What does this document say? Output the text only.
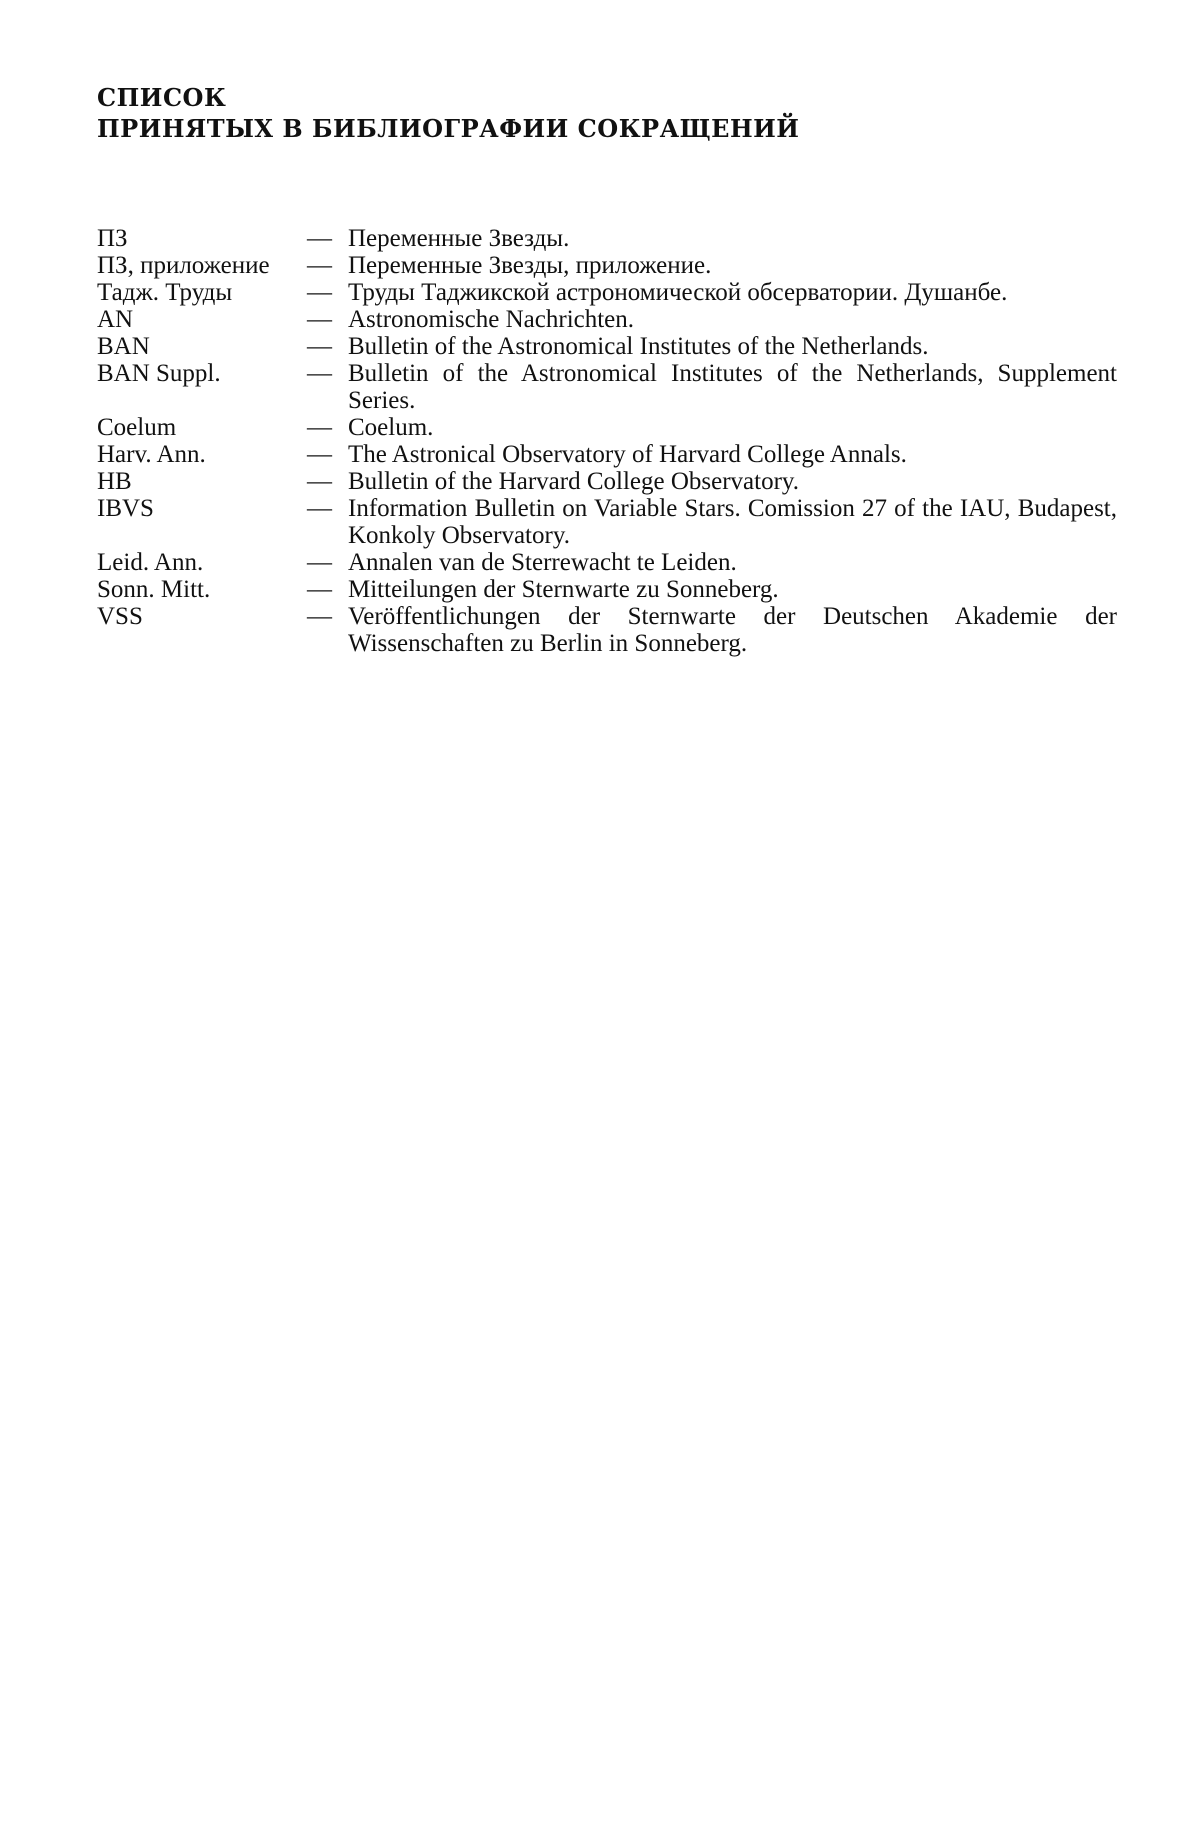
СПИСОК
ПРИНЯТЫХ В БИБЛИОГРАФИИ СОКРАЩЕНИЙ
ПЗ	— Переменные Звезды.
ПЗ, приложение	— Переменные Звезды, приложение.
Тадж. Труды	— Труды Таджикской астрономической обсерватории. Душанбе.
AN	— Astronomische Nachrichten.
BAN	— Bulletin of the Astronomical Institutes of the Netherlands.
BAN Suppl.	— Bulletin of the Astronomical Institutes of the Netherlands, Supplement Series.
Coelum	— Coelum.
Harv. Ann.	— The Astronical Observatory of Harvard College Annals.
HB	— Bulletin of the Harvard College Observatory.
IBVS	— Information Bulletin on Variable Stars. Comission 27 of the IAU, Budapest, Konkoly Observatory.
Leid. Ann.	— Annalen van de Sterrewacht te Leiden.
Sonn. Mitt.	— Mitteilungen der Sternwarte zu Sonneberg.
VSS	— Veröffentlichungen der Sternwarte der Deutschen Akademie der Wissenschaften zu Berlin in Sonneberg.
